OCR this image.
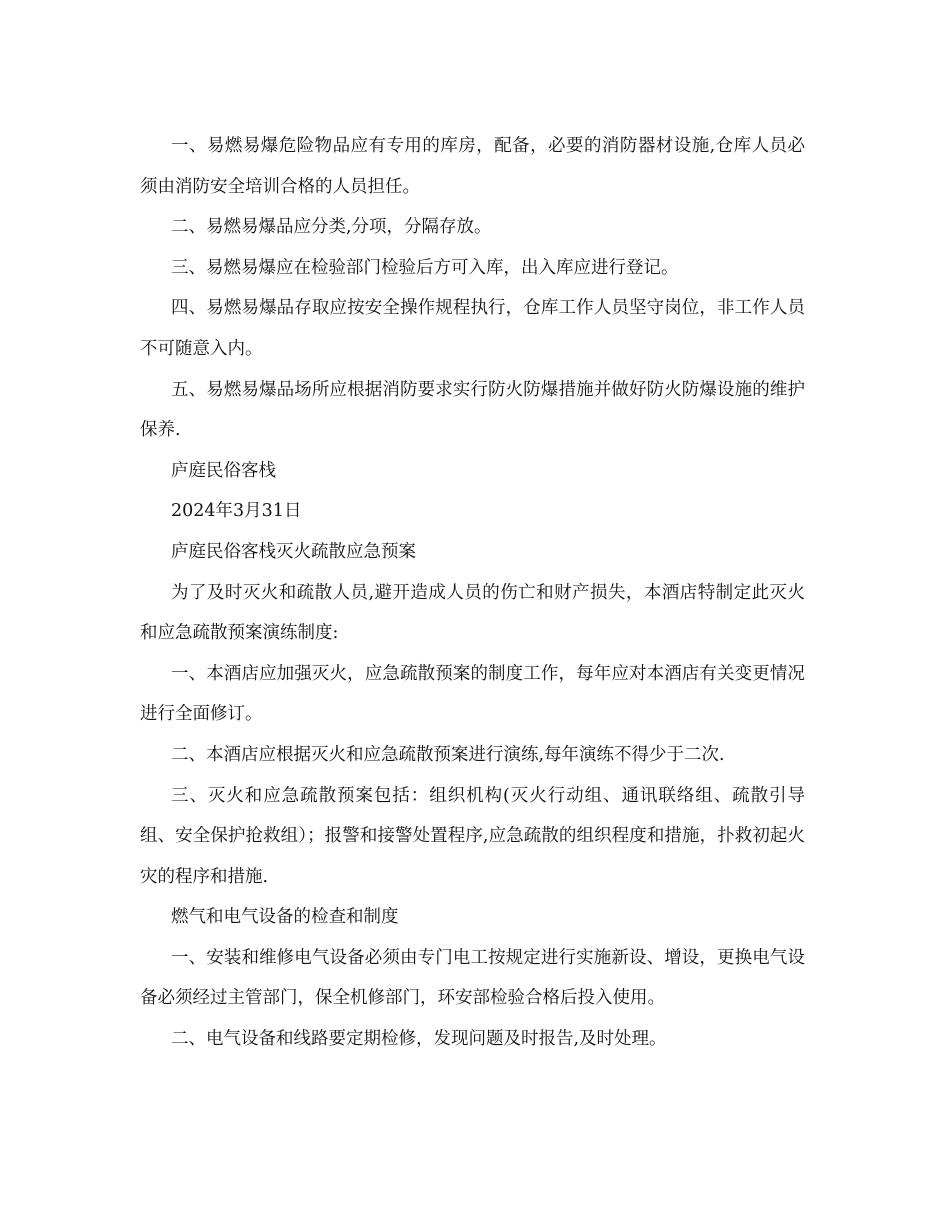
一、易燃易爆危险物品应有专用的库房，配备，必要的消防器材设施,仓库人员必须由消防安全培训合格的人员担任。

二、易燃易爆品应分类,分项，分隔存放。

三、易燃易爆应在检验部门检验后方可入库，出入库应进行登记。

四、易燃易爆品存取应按安全操作规程执行，仓库工作人员坚守岗位，非工作人员不可随意入内。

五、易燃易爆品场所应根据消防要求实行防火防爆措施并做好防火防爆设施的维护保养.

庐庭民俗客栈

2024年3月31日

庐庭民俗客栈灭火疏散应急预案

为了及时灭火和疏散人员,避开造成人员的伤亡和财产损失，本酒店特制定此灭火和应急疏散预案演练制度:

一、本酒店应加强灭火，应急疏散预案的制度工作，每年应对本酒店有关变更情况进行全面修订。

二、本酒店应根据灭火和应急疏散预案进行演练,每年演练不得少于二次.

三、灭火和应急疏散预案包括：组织机构(灭火行动组、通讯联络组、疏散引导组、安全保护抢救组）；报警和接警处置程序,应急疏散的组织程度和措施，扑救初起火灾的程序和措施.

燃气和电气设备的检查和制度

一、安装和维修电气设备必须由专门电工按规定进行实施新设、增设，更换电气设备必须经过主管部门，保全机修部门，环安部检验合格后投入使用。

二、电气设备和线路要定期检修，发现问题及时报告,及时处理。
